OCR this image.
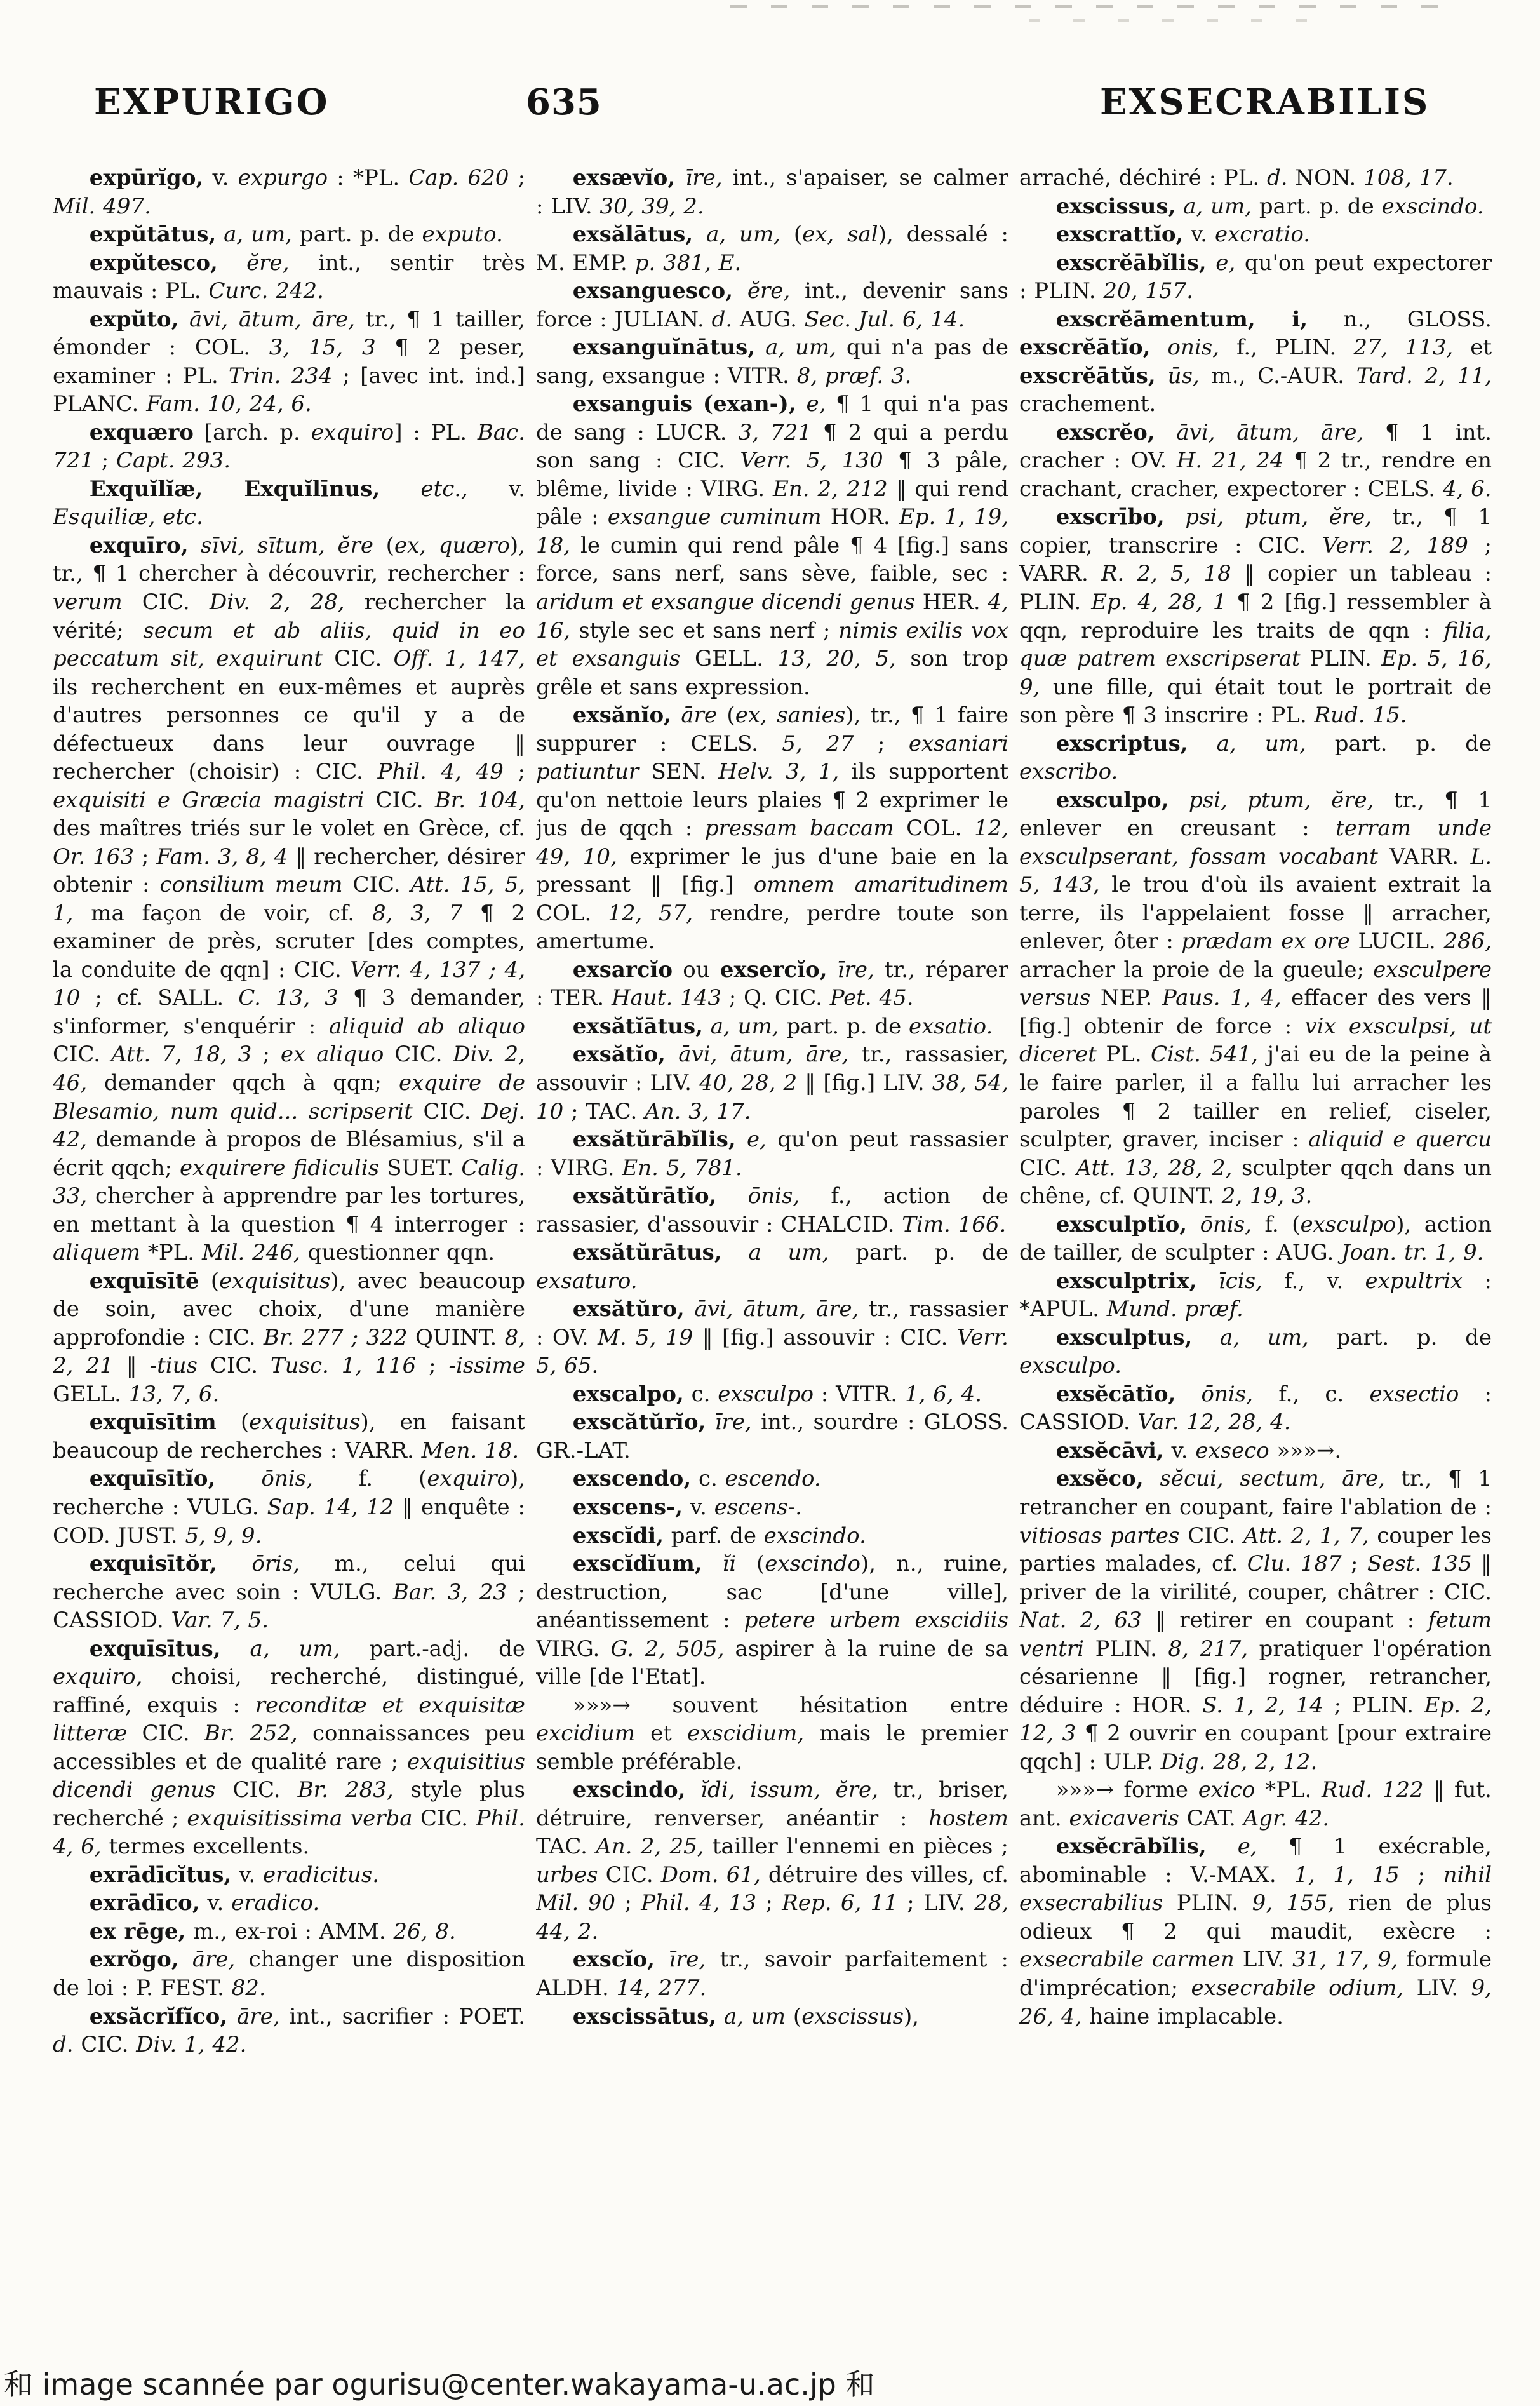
EXPURIGO	635	EXSECRABILIS

expūrĭgo, v. expurgo : *PL. Cap. 620 ; Mil. 497.

expŭtātus, a, um, part. p. de exputo.

expŭtesco, ĕre, int., sentir très mauvais : PL. Curc. 242.

expŭto, āvi, ātum, āre, tr., ¶ 1 tailler, émonder : COL. 3, 15, 3 ¶ 2 peser, examiner : PL. Trin. 234 ; [avec int. ind.] PLANC. Fam. 10, 24, 6.

exquæro [arch. p. exquiro] : PL. Bac. 721 ; Capt. 293.

Exquĭlĭæ, Exquĭlīnus, etc., v. Esquiliæ, etc.

exquīro, sīvi, sītum, ĕre (ex, quæro), tr., ¶ 1 chercher à découvrir, rechercher : verum CIC. Div. 2, 28, rechercher la vérité; secum et ab aliis, quid in eo peccatum sit, exquirunt CIC. Off. 1, 147, ils recherchent en eux-mêmes et auprès d'autres personnes ce qu'il y a de défectueux dans leur ouvrage ‖ rechercher (choisir) : CIC. Phil. 4, 49 ; exquisiti e Græcia magistri CIC. Br. 104, des maîtres triés sur le volet en Grèce, cf. Or. 163 ; Fam. 3, 8, 4 ‖ rechercher, désirer obtenir : consilium meum CIC. Att. 15, 5, 1, ma façon de voir, cf. 8, 3, 7 ¶ 2 examiner de près, scruter [des comptes, la conduite de qqn] : CIC. Verr. 4, 137 ; 4, 10 ; cf. SALL. C. 13, 3 ¶ 3 demander, s'informer, s'enquérir : aliquid ab aliquo CIC. Att. 7, 18, 3 ; ex aliquo CIC. Div. 2, 46, demander qqch à qqn; exquire de Blesamio, num quid... scripserit CIC. Dej. 42, demande à propos de Blésamius, s'il a écrit qqch; exquirere fidiculis SUET. Calig. 33, chercher à apprendre par les tortures, en mettant à la question ¶ 4 interroger : aliquem *PL. Mil. 246, questionner qqn.

exquīsītē (exquisitus), avec beaucoup de soin, avec choix, d'une manière approfondie : CIC. Br. 277 ; 322 QUINT. 8, 2, 21 ‖ -tius CIC. Tusc. 1, 116 ; -issime GELL. 13, 7, 6.

exquīsītim (exquisitus), en faisant beaucoup de recherches : VARR. Men. 18.

exquīsītĭo, ōnis, f. (exquiro), recherche : VULG. Sap. 14, 12 ‖ enquête : COD. JUST. 5, 9, 9.

exquisītŏr, ōris, m., celui qui recherche avec soin : VULG. Bar. 3, 23 ; CASSIOD. Var. 7, 5.

exquīsītus, a, um, part.-adj. de exquiro, choisi, recherché, distingué, raffiné, exquis : reconditæ et exquisitæ litteræ CIC. Br. 252, connaissances peu accessibles et de qualité rare ; exquisitius dicendi genus CIC. Br. 283, style plus recherché ; exquisitissima verba CIC. Phil. 4, 6, termes excellents.

exrādīcĭtus, v. eradicitus.

exrādīco, v. eradico.

ex rēge, m., ex-roi : AMM. 26, 8.

exrŏgo, āre, changer une disposition de loi : P. FEST. 82.

exsăcrĭfĭco, āre, int., sacrifier : POET. d. CIC. Div. 1, 42.

exsævĭo, īre, int., s'apaiser, se calmer : LIV. 30, 39, 2.

exsălātus, a, um, (ex, sal), dessalé : M. EMP. p. 381, E.

exsanguesco, ĕre, int., devenir sans force : JULIAN. d. AUG. Sec. Jul. 6, 14.

exsanguĭnātus, a, um, qui n'a pas de sang, exsangue : VITR. 8, præf. 3.

exsanguis (exan-), e, ¶ 1 qui n'a pas de sang : LUCR. 3, 721 ¶ 2 qui a perdu son sang : CIC. Verr. 5, 130 ¶ 3 pâle, blême, livide : VIRG. En. 2, 212 ‖ qui rend pâle : exsangue cuminum HOR. Ep. 1, 19, 18, le cumin qui rend pâle ¶ 4 [fig.] sans force, sans nerf, sans sève, faible, sec : aridum et exsangue dicendi genus HER. 4, 16, style sec et sans nerf ; nimis exilis vox et exsanguis GELL. 13, 20, 5, son trop grêle et sans expression.

exsănĭo, āre (ex, sanies), tr., ¶ 1 faire suppurer : CELS. 5, 27 ; exsaniari patiuntur SEN. Helv. 3, 1, ils supportent qu'on nettoie leurs plaies ¶ 2 exprimer le jus de qqch : pressam baccam COL. 12, 49, 10, exprimer le jus d'une baie en la pressant ‖ [fig.] omnem amaritudinem COL. 12, 57, rendre, perdre toute son amertume.

exsarcĭo ou exsercĭo, īre, tr., réparer : TER. Haut. 143 ; Q. CIC. Pet. 45.

exsătĭātus, a, um, part. p. de exsatio.

exsătĭo, āvi, ātum, āre, tr., rassasier, assouvir : LIV. 40, 28, 2 ‖ [fig.] LIV. 38, 54, 10 ; TAC. An. 3, 17.

exsătŭrābĭlis, e, qu'on peut rassasier : VIRG. En. 5, 781.

exsătŭrātĭo, ōnis, f., action de rassasier, d'assouvir : CHALCID. Tim. 166.

exsătŭrātus, a um, part. p. de exsaturo.

exsătŭro, āvi, ātum, āre, tr., rassasier : OV. M. 5, 19 ‖ [fig.] assouvir : CIC. Verr. 5, 65.

exscalpo, c. exsculpo : VITR. 1, 6, 4.

exscătŭrĭo, īre, int., sourdre : GLOSS. GR.-LAT.

exscendo, c. escendo.

exscens-, v. escens-.

exscĭdi, parf. de exscindo.

exscĭdĭum, ĭi (exscindo), n., ruine, destruction, sac [d'une ville], anéantissement : petere urbem exscidiis VIRG. G. 2, 505, aspirer à la ruine de sa ville [de l'Etat].

»»»→ souvent hésitation entre excidium et exscidium, mais le premier semble préférable.

exscindo, ĭdi, issum, ĕre, tr., briser, détruire, renverser, anéantir : hostem TAC. An. 2, 25, tailler l'ennemi en pièces ; urbes CIC. Dom. 61, détruire des villes, cf. Mil. 90 ; Phil. 4, 13 ; Rep. 6, 11 ; LIV. 28, 44, 2.

exscĭo, īre, tr., savoir parfaitement : ALDH. 14, 277.

exscissātus, a, um (exscissus),

arraché, déchiré : PL. d. NON. 108, 17.

exscissus, a, um, part. p. de exscindo.

exscrattĭo, v. excratio.

exscrĕābĭlis, e, qu'on peut expectorer : PLIN. 20, 157.

exscrĕāmentum, i, n., GLOSS. exscrĕātĭo, onis, f., PLIN. 27, 113, et exscrĕātŭs, ūs, m., C.-AUR. Tard. 2, 11, crachement.

exscrĕo, āvi, ātum, āre, ¶ 1 int. cracher : OV. H. 21, 24 ¶ 2 tr., rendre en crachant, cracher, expectorer : CELS. 4, 6.

exscrībo, psi, ptum, ĕre, tr., ¶ 1 copier, transcrire : CIC. Verr. 2, 189 ; VARR. R. 2, 5, 18 ‖ copier un tableau : PLIN. Ep. 4, 28, 1 ¶ 2 [fig.] ressembler à qqn, reproduire les traits de qqn : filia, quæ patrem exscripserat PLIN. Ep. 5, 16, 9, une fille, qui était tout le portrait de son père ¶ 3 inscrire : PL. Rud. 15.

exscriptus, a, um, part. p. de exscribo.

exsculpo, psi, ptum, ĕre, tr., ¶ 1 enlever en creusant : terram unde exsculpserant, fossam vocabant VARR. L. 5, 143, le trou d'où ils avaient extrait la terre, ils l'appelaient fosse ‖ arracher, enlever, ôter : prædam ex ore LUCIL. 286, arracher la proie de la gueule; exsculpere versus NEP. Paus. 1, 4, effacer des vers ‖ [fig.] obtenir de force : vix exsculpsi, ut diceret PL. Cist. 541, j'ai eu de la peine à le faire parler, il a fallu lui arracher les paroles ¶ 2 tailler en relief, ciseler, sculpter, graver, inciser : aliquid e quercu CIC. Att. 13, 28, 2, sculpter qqch dans un chêne, cf. QUINT. 2, 19, 3.

exsculptĭo, ōnis, f. (exsculpo), action de tailler, de sculpter : AUG. Joan. tr. 1, 9.

exsculptrix, īcis, f., v. expultrix : *APUL. Mund. præf.

exsculptus, a, um, part. p. de exsculpo.

exsĕcātĭo, ōnis, f., c. exsectio : CASSIOD. Var. 12, 28, 4.

exsĕcāvi, v. exseco »»»→.

exsĕco, sĕcui, sectum, āre, tr., ¶ 1 retrancher en coupant, faire l'ablation de : vitiosas partes CIC. Att. 2, 1, 7, couper les parties malades, cf. Clu. 187 ; Sest. 135 ‖ priver de la virilité, couper, châtrer : CIC. Nat. 2, 63 ‖ retirer en coupant : fetum ventri PLIN. 8, 217, pratiquer l'opération césarienne ‖ [fig.] rogner, retrancher, déduire : HOR. S. 1, 2, 14 ; PLIN. Ep. 2, 12, 3 ¶ 2 ouvrir en coupant [pour extraire qqch] : ULP. Dig. 28, 2, 12.

»»»→ forme exico *PL. Rud. 122 ‖ fut. ant. exicaveris CAT. Agr. 42.

exsĕcrābĭlis, e, ¶ 1 exécrable, abominable : V.-MAX. 1, 1, 15 ; nihil exsecrabilius PLIN. 9, 155, rien de plus odieux ¶ 2 qui maudit, exècre : exsecrabile carmen LIV. 31, 17, 9, formule d'imprécation; exsecrabile odium, LIV. 9, 26, 4, haine implacable.

和 image scannée par ogurisu@center.wakayama-u.ac.jp 和
